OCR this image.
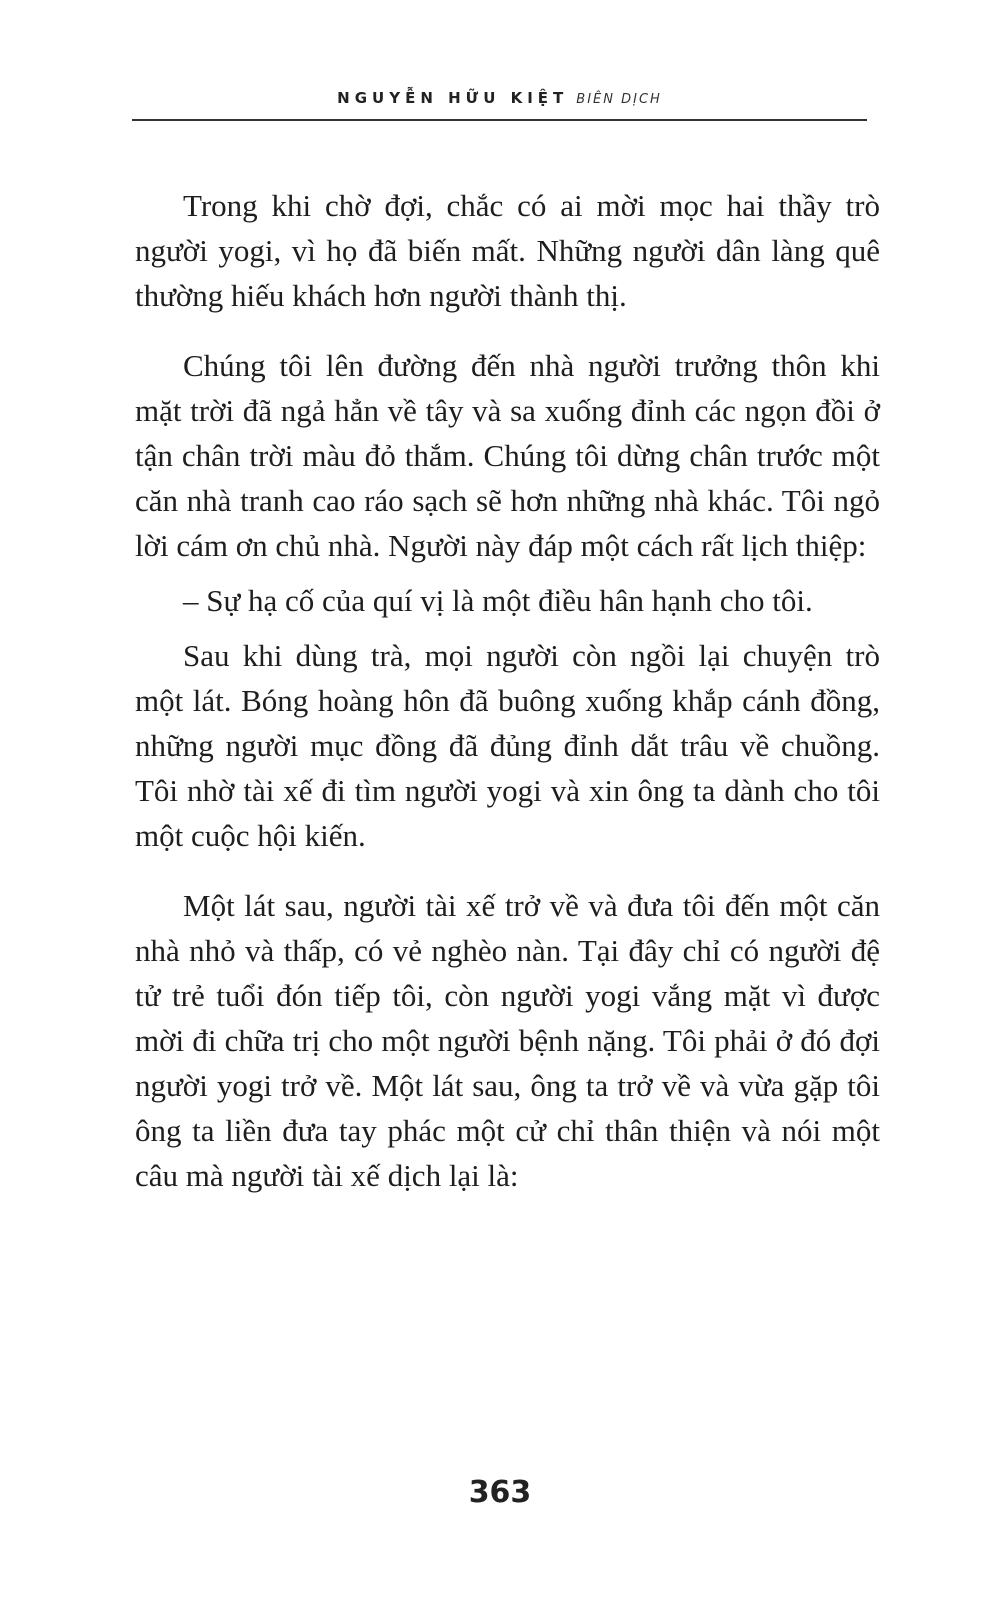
NGUYỄN HỮU KIỆT BIÊN DỊCH

Trong khi chờ đợi, chắc có ai mời mọc hai thầy trò người yogi, vì họ đã biến mất. Những người dân làng quê thường hiếu khách hơn người thành thị.

Chúng tôi lên đường đến nhà người trưởng thôn khi mặt trời đã ngả hẳn về tây và sa xuống đỉnh các ngọn đồi ở tận chân trời màu đỏ thắm. Chúng tôi dừng chân trước một căn nhà tranh cao ráo sạch sẽ hơn những nhà khác. Tôi ngỏ lời cám ơn chủ nhà. Người này đáp một cách rất lịch thiệp:

– Sự hạ cố của quí vị là một điều hân hạnh cho tôi.

Sau khi dùng trà, mọi người còn ngồi lại chuyện trò một lát. Bóng hoàng hôn đã buông xuống khắp cánh đồng, những người mục đồng đã đủng đỉnh dắt trâu về chuồng. Tôi nhờ tài xế đi tìm người yogi và xin ông ta dành cho tôi một cuộc hội kiến.

Một lát sau, người tài xế trở về và đưa tôi đến một căn nhà nhỏ và thấp, có vẻ nghèo nàn. Tại đây chỉ có người đệ tử trẻ tuổi đón tiếp tôi, còn người yogi vắng mặt vì được mời đi chữa trị cho một người bệnh nặng. Tôi phải ở đó đợi người yogi trở về. Một lát sau, ông ta trở về và vừa gặp tôi ông ta liền đưa tay phác một cử chỉ thân thiện và nói một câu mà người tài xế dịch lại là:

363
